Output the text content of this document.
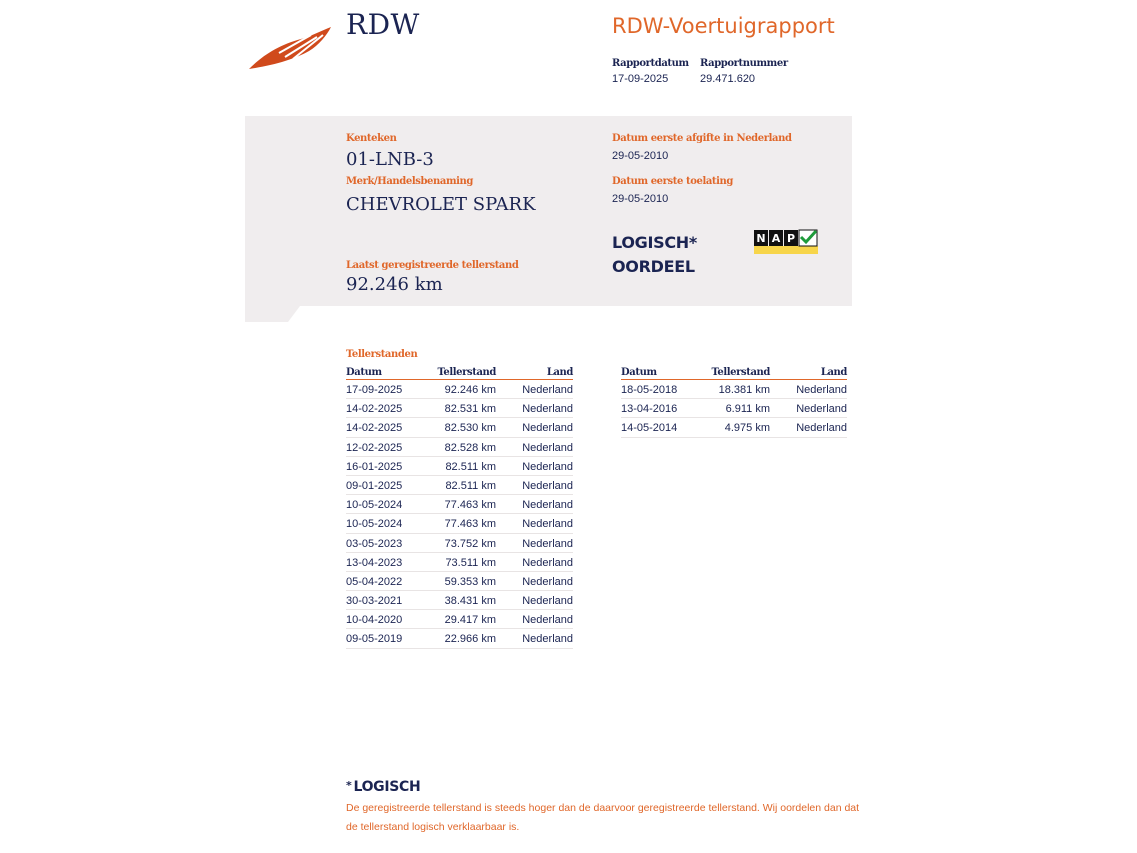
RDW	RDW-Voertuigrapport
Rapportdatum
17-09-2025
Rapportnummer
29.471.620
Kenteken
01-LNB-3
Merk/Handelsbenaming
CHEVROLET SPARK
Datum eerste afgifte in Nederland
29-05-2010
Datum eerste toelating
29-05-2010
Laatst geregistreerde tellerstand
92.246 km
LOGISCH*
OORDEEL
N A P
Tellerstanden
Datum	Tellerstand	Land
17-09-2025	92.246 km Nederland
14-02-2025	82.531 km Nederland
14-02-2025	82.530 km Nederland
12-02-2025	82.528 km Nederland
16-01-2025	82.511 km Nederland
09-01-2025	82.511 km Nederland
10-05-2024	77.463 km Nederland
10-05-2024	77.463 km Nederland
03-05-2023	73.752 km Nederland
13-04-2023	73.511 km Nederland
05-04-2022	59.353 km Nederland
30-03-2021	38.431 km Nederland
10-04-2020	29.417 km Nederland
09-05-2019	22.966 km Nederland
Datum	Tellerstand	Land
18-05-2018	18.381 km Nederland
13-04-2016	6.911 km Nederland
14-05-2014	4.975 km Nederland
* LOGISCH
De geregistreerde tellerstand is steeds hoger dan de daarvoor geregistreerde tellerstand. Wij oordelen dan dat de tellerstand logisch verklaarbaar is.
